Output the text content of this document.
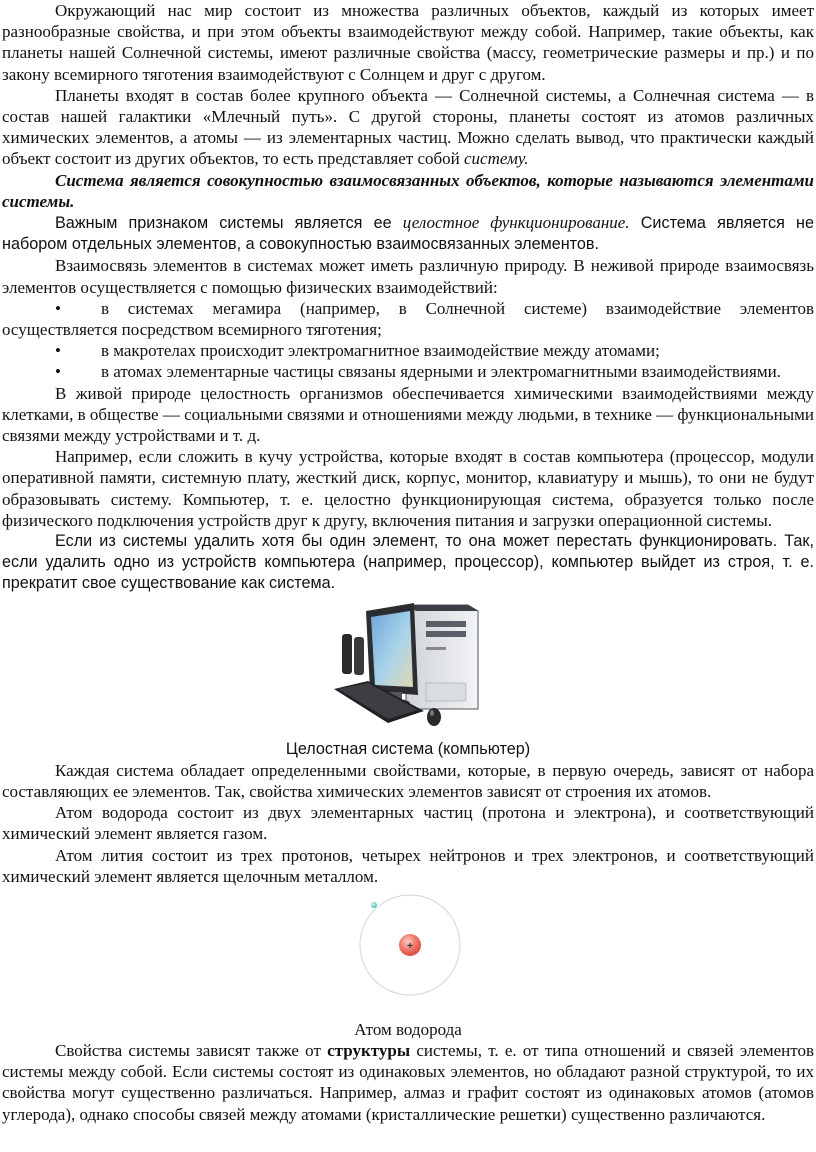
Окружающий нас мир состоит из множества различных объектов, каждый из которых имеет разнообразные свойства, и при этом объекты взаимодействуют между собой. Например, такие объекты, как планеты нашей Солнечной системы, имеют различные свойства (массу, геометрические размеры и пр.) и по закону всемирного тяготения взаимодействуют с Солнцем и друг с другом.

Планеты входят в состав более крупного объекта — Солнечной системы, а Солнечная система — в состав нашей галактики «Млечный путь». С другой стороны, планеты состоят из атомов различных химических элементов, а атомы — из элементарных частиц. Можно сделать вывод, что практически каждый объект состоит из других объектов, то есть представляет собой систему.

Система является совокупностью взаимосвязанных объектов, которые называются элементами системы.

Важным признаком системы является ее целостное функционирование. Система является не набором отдельных элементов, а совокупностью взаимосвязанных элементов.

Взаимосвязь элементов в системах может иметь различную природу. В неживой природе взаимосвязь элементов осуществляется с помощью физических взаимодействий:

• в системах мегамира (например, в Солнечной системе) взаимодействие элементов осуществляется посредством всемирного тяготения;

• в макротелах происходит электромагнитное взаимодействие между атомами;

• в атомах элементарные частицы связаны ядерными и электромагнитными взаимодействиями.

В живой природе целостность организмов обеспечивается химическими взаимодействиями между клетками, в обществе — социальными связями и отношениями между людьми, в технике — функциональными связями между устройствами и т. д.

Например, если сложить в кучу устройства, которые входят в состав компьютера (процессор, модули оперативной памяти, системную плату, жесткий диск, корпус, монитор, клавиатуру и мышь), то они не будут образовывать систему. Компьютер, т. е. целостно функционирующая система, образуется только после физического подключения устройств друг к другу, включения питания и загрузки операционной системы.

Если из системы удалить хотя бы один элемент, то она может перестать функционировать. Так, если удалить одно из устройств компьютера (например, процессор), компьютер выйдет из строя, т. е. прекратит свое существование как система.

Целостная система (компьютер)

Каждая система обладает определенными свойствами, которые, в первую очередь, зависят от набора составляющих ее элементов. Так, свойства химических элементов зависят от строения их атомов.

Атом водорода состоит из двух элементарных частиц (протона и электрона), и соответствующий химический элемент является газом.

Атом лития состоит из трех протонов, четырех нейтронов и трех электронов, и соответствующий химический элемент является щелочным металлом.

+

Атом водорода

Свойства системы зависят также от структуры системы, т. е. от типа отношений и связей элементов системы между собой. Если системы состоят из одинаковых элементов, но обладают разной структурой, то их свойства могут существенно различаться. Например, алмаз и графит состоят из одинаковых атомов (атомов углерода), однако способы связей между атомами (кристаллические решетки) существенно различаются.
